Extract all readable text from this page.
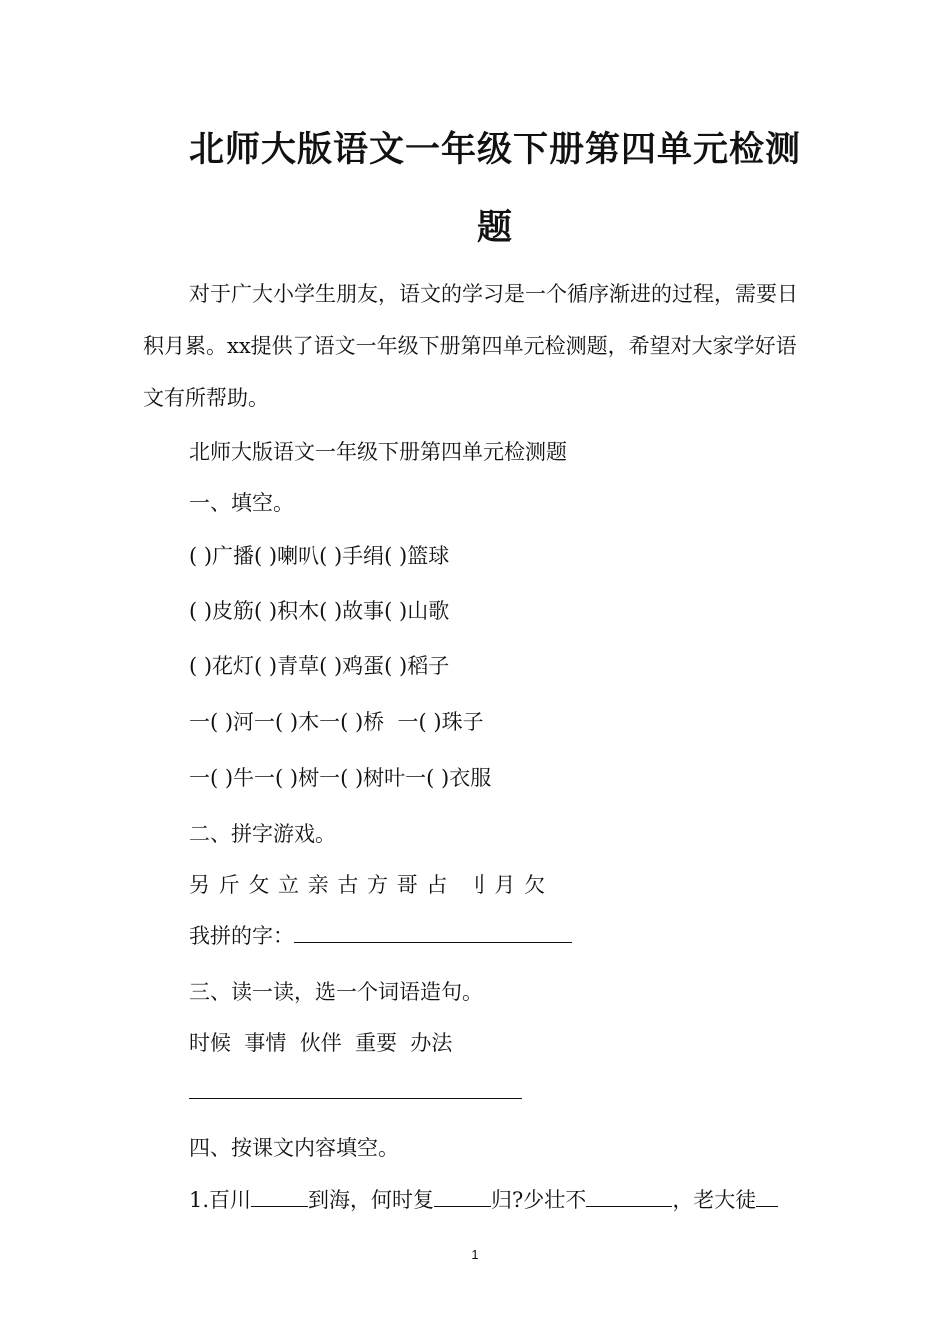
北师大版语文一年级下册第四单元检测
题

对于广大小学生朋友，语文的学习是一个循序渐进的过程，需要日积月累。xx提供了语文一年级下册第四单元检测题，希望对大家学好语文有所帮助。

北师大版语文一年级下册第四单元检测题

一、填空。

( )广播( )喇叭( )手绢( )篮球

( )皮筋( )积木( )故事( )山歌

( )花灯( )青草( )鸡蛋( )稻子

一( )河一( )木一( )桥  一( )珠子

一( )牛一( )树一( )树叶一( )衣服

二、拼字游戏。

另 斤 攵 立 亲 古 方 哥 占  刂 月 欠

我拼的字：

三、读一读，选一个词语造句。

时候  事情  伙伴  重要  办法

四、按课文内容填空。

1.百川	到海，何时复	归?少壮不	，老大徒

1
